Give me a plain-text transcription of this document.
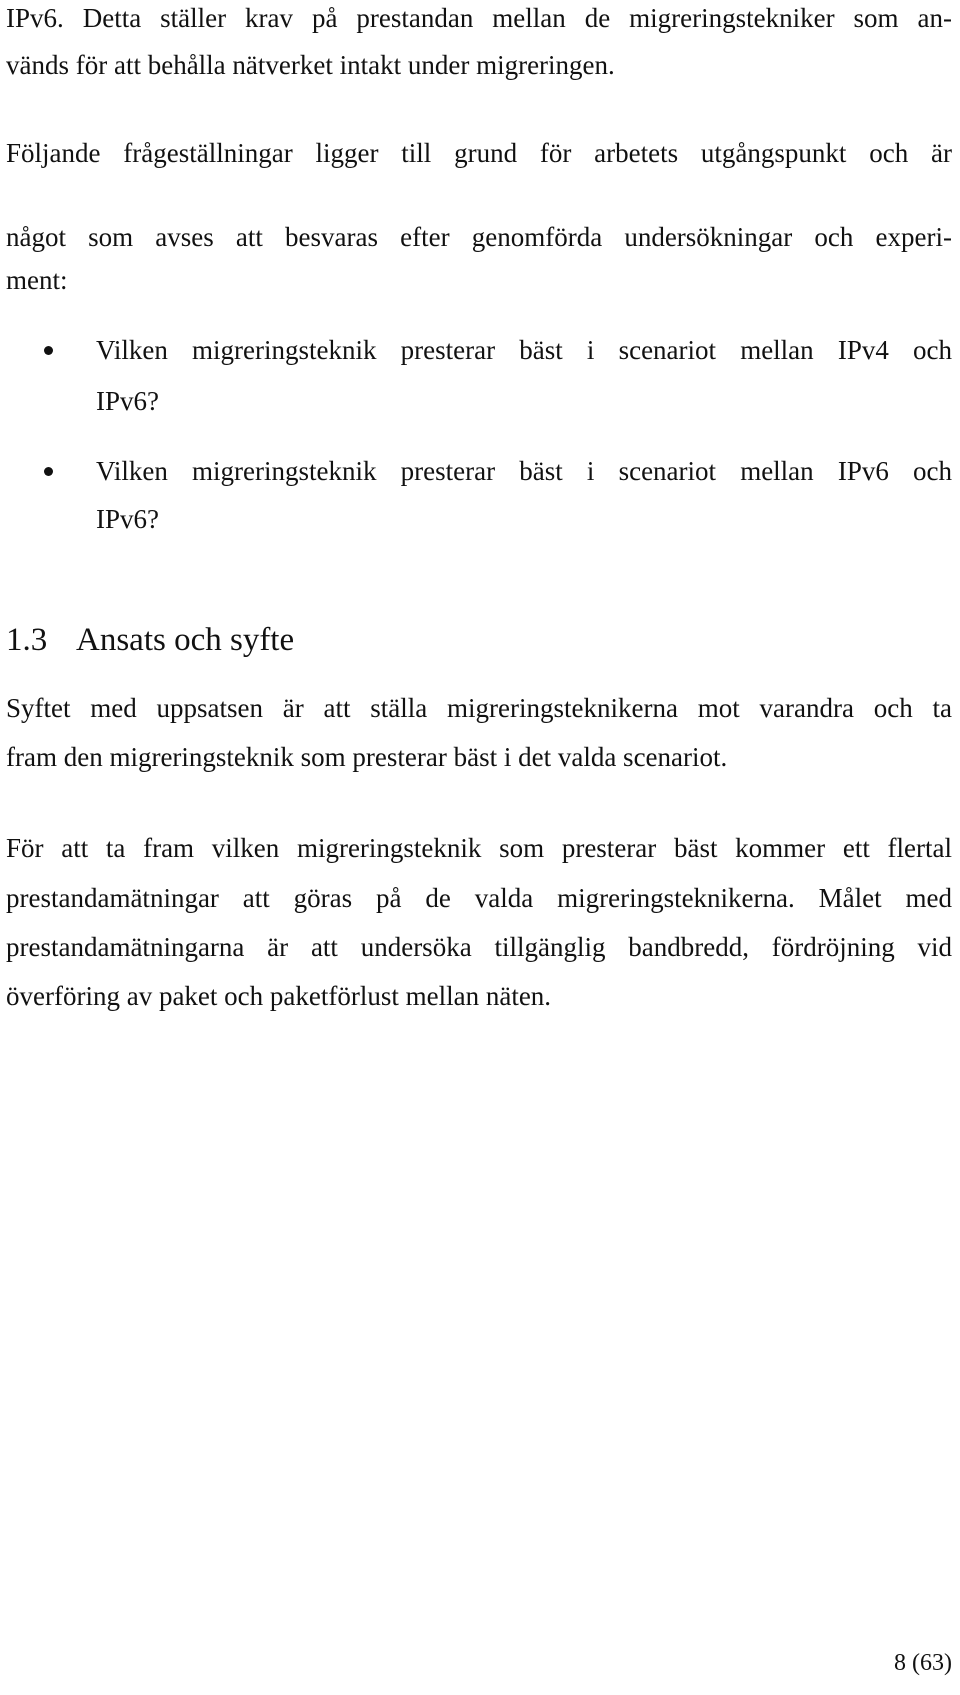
IPv6. Detta ställer krav på prestandan mellan de migreringstekniker som an-
vänds för att behålla nätverket intakt under migreringen.
Följande frågeställningar ligger till grund för arbetets utgångspunkt och är
något som avses att besvaras efter genomförda undersökningar och experi-
ment:
Vilken migreringsteknik presterar bäst i scenariot mellan IPv4 och
IPv6?
Vilken migreringsteknik presterar bäst i scenariot mellan IPv6 och
IPv6?
1.3 Ansats och syfte
Syftet med uppsatsen är att ställa migreringsteknikerna mot varandra och ta
fram den migreringsteknik som presterar bäst i det valda scenariot.
För att ta fram vilken migreringsteknik som presterar bäst kommer ett flertal
prestandamätningar att göras på de valda migreringsteknikerna. Målet med
prestandamätningarna är att undersöka tillgänglig bandbredd, fördröjning vid
överföring av paket och paketförlust mellan näten.
8 (63)
